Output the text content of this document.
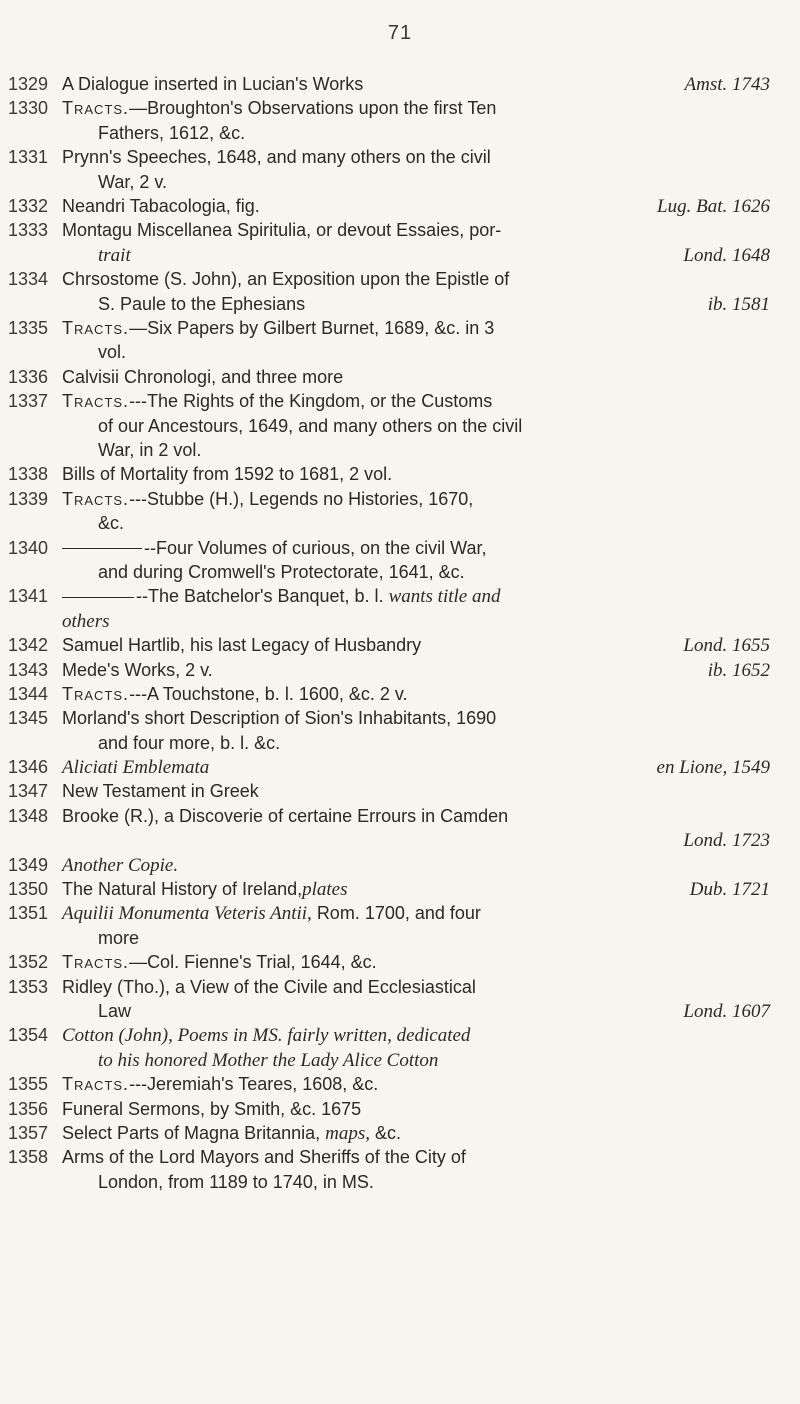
71
1329 A Dialogue inserted in Lucian's Works	Amst. 1743
1330 Tracts.—Broughton's Observations upon the first Ten
Fathers, 1612, &c.
1331 Prynn's Speeches, 1648, and many others on the civil
War, 2 v.
1332 Neandri Tabacologia, fig.	Lug. Bat. 1626
1333 Montagu Miscellanea Spiritulia, or devout Essaies, por-
trait	Lond. 1648
1334 Chrsostome (S. John), an Exposition upon the Epistle of
S. Paule to the Ephesians	ib. 1581
1335 Tracts.—Six Papers by Gilbert Burnet, 1689, &c. in 3
vol.
1336 Calvisii Chronologi, and three more
1337 Tracts.---The Rights of the Kingdom, or the Customs
of our Ancestours, 1649, and many others on the civil
War, in 2 vol.
1338 Bills of Mortality from 1592 to 1681, 2 vol.
1339 Tracts.---Stubbe (H.), Legends no Histories, 1670,
&c.
1340	--Four Volumes of curious, on the civil War,
and during Cromwell's Protectorate, 1641, &c.
1341	--The Batchelor's Banquet, b. l. wants title and
others
1342 Samuel Hartlib, his last Legacy of Husbandry	Lond. 1655
1343 Mede's Works, 2 v.	ib. 1652
1344 Tracts.---A Touchstone, b. l. 1600, &c. 2 v.
1345 Morland's short Description of Sion's Inhabitants, 1690
and four more, b. l. &c.
1346 Aliciati Emblemata	en Lione, 1549
1347 New Testament in Greek
1348 Brooke (R.), a Discoverie of certaine Errours in Camden
Lond. 1723
1349 Another Copie.
1350 The Natural History of Ireland,plates	Dub. 1721
1351 Aquilii Monumenta Veteris Antii, Rom. 1700, and four
more
1352 Tracts.—Col. Fienne's Trial, 1644, &c.
1353 Ridley (Tho.), a View of the Civile and Ecclesiastical
Law	Lond. 1607
1354 Cotton (John), Poems in MS. fairly written, dedicated
to his honored Mother the Lady Alice Cotton
1355 Tracts.---Jeremiah's Teares, 1608, &c.
1356 Funeral Sermons, by Smith, &c. 1675
1357 Select Parts of Magna Britannia, maps, &c.
1358 Arms of the Lord Mayors and Sheriffs of the City of
London, from 1189 to 1740, in MS.
